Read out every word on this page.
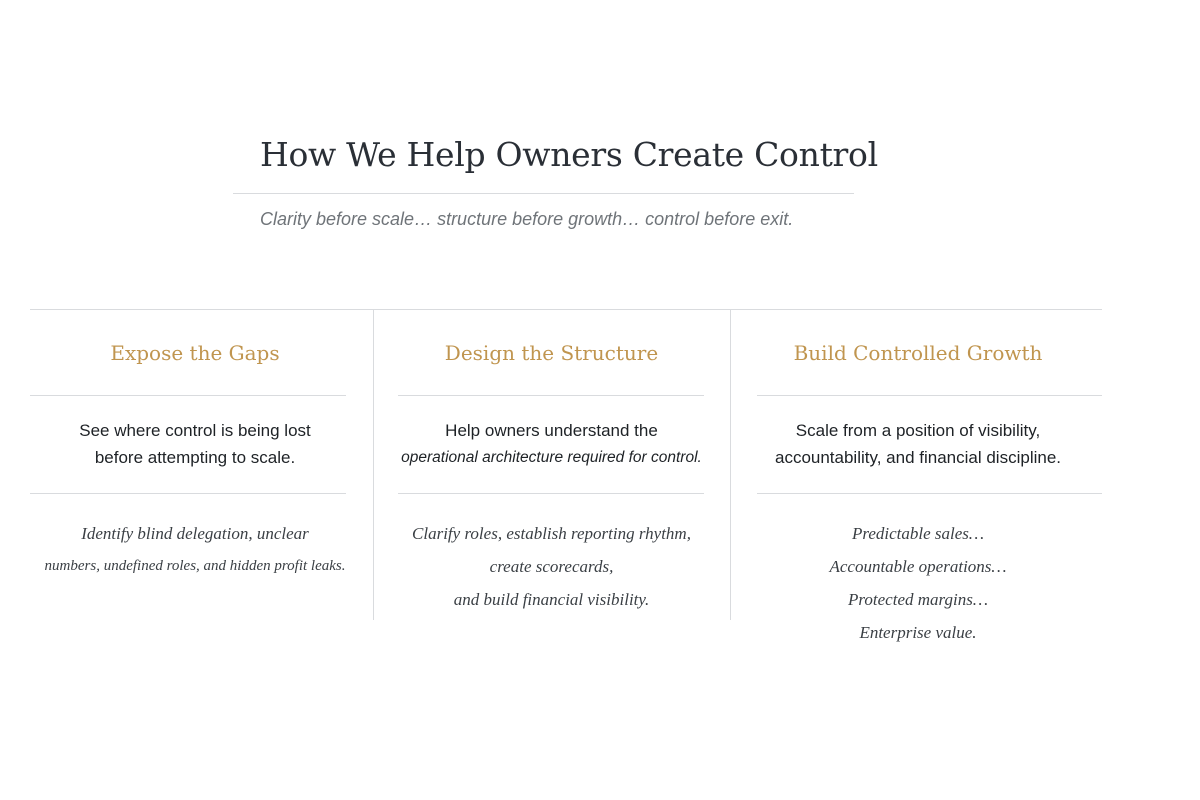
How We Help Owners Create Control

Clarity before scale… structure before growth… control before exit.

Expose the Gaps
See where control is being lost
before attempting to scale.
Identify blind delegation, unclear
numbers, undefined roles, and hidden profit leaks.
Design the Structure
Help owners understand the
operational architecture required for control.
Clarify roles, establish reporting rhythm,
create scorecards,
and build financial visibility.
Build Controlled Growth
Scale from a position of visibility,
accountability, and financial discipline.
Predictable sales…
Accountable operations…
Protected margins…
Enterprise value.
